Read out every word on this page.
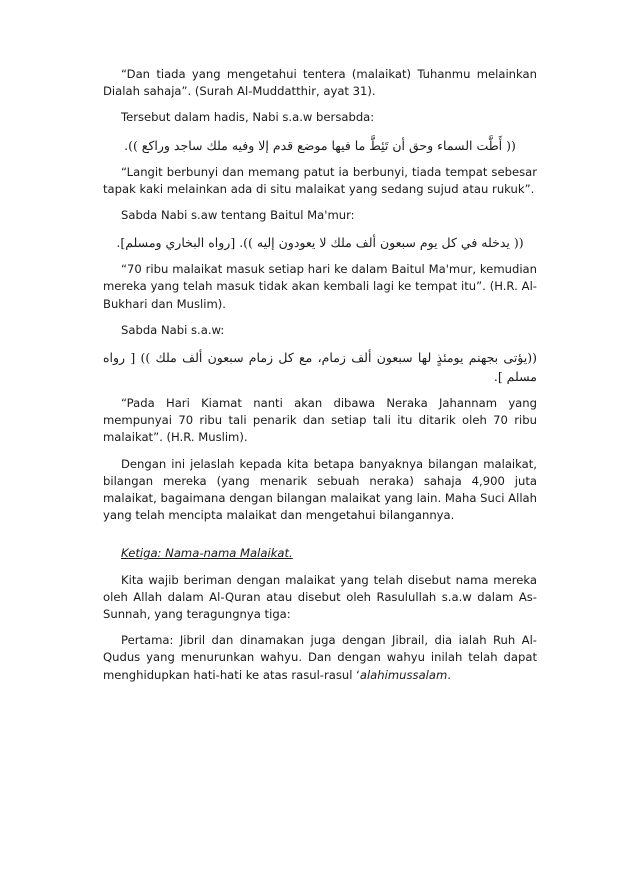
“Dan tiada yang mengetahui tentera (malaikat) Tuhanmu melainkan Dialah sahaja”. (Surah Al-Muddatthir, ayat 31).

Tersebut dalam hadis, Nabi s.a.w bersabda:

(( أَطَّت السماء وحق أن تَئِطَّ ما فيها موضع قدم إلا وفيه ملك ساجد وراكع )).

“Langit berbunyi dan memang patut ia berbunyi, tiada tempat sebesar tapak kaki melainkan ada di situ malaikat yang sedang sujud atau rukuk”.

Sabda Nabi s.aw tentang Baitul Ma'mur:

(( يدخله في كل يوم سبعون ألف ملك لا يعودون إليه )). [رواه البخاري ومسلم].

“70 ribu malaikat masuk setiap hari ke dalam Baitul Ma'mur, kemudian mereka yang telah masuk tidak akan kembali lagi ke tempat itu”. (H.R. Al-Bukhari dan Muslim).

Sabda Nabi s.a.w:

((يؤتى بجهنم يومئذٍ لها سبعون ألف زمام، مع كل زمام سبعون ألف ملك )) [ رواه مسلم ].

“Pada Hari Kiamat nanti akan dibawa Neraka Jahannam yang mempunyai 70 ribu tali penarik dan setiap tali itu ditarik oleh 70 ribu malaikat”. (H.R. Muslim).

Dengan ini jelaslah kepada kita betapa banyaknya bilangan malaikat, bilangan mereka (yang menarik sebuah neraka) sahaja 4,900 juta malaikat, bagaimana dengan bilangan malaikat yang lain. Maha Suci Allah yang telah mencipta malaikat dan mengetahui bilangannya.

Ketiga: Nama-nama Malaikat.

Kita wajib beriman dengan malaikat yang telah disebut nama mereka oleh Allah dalam Al-Quran atau disebut oleh Rasulullah s.a.w dalam As-Sunnah, yang teragungnya tiga:

Pertama: Jibril dan dinamakan juga dengan Jibrail, dia ialah Ruh Al-Qudus yang menurunkan wahyu. Dan dengan wahyu inilah telah dapat menghidupkan hati-hati ke atas rasul-rasul ‘alahimussalam.
